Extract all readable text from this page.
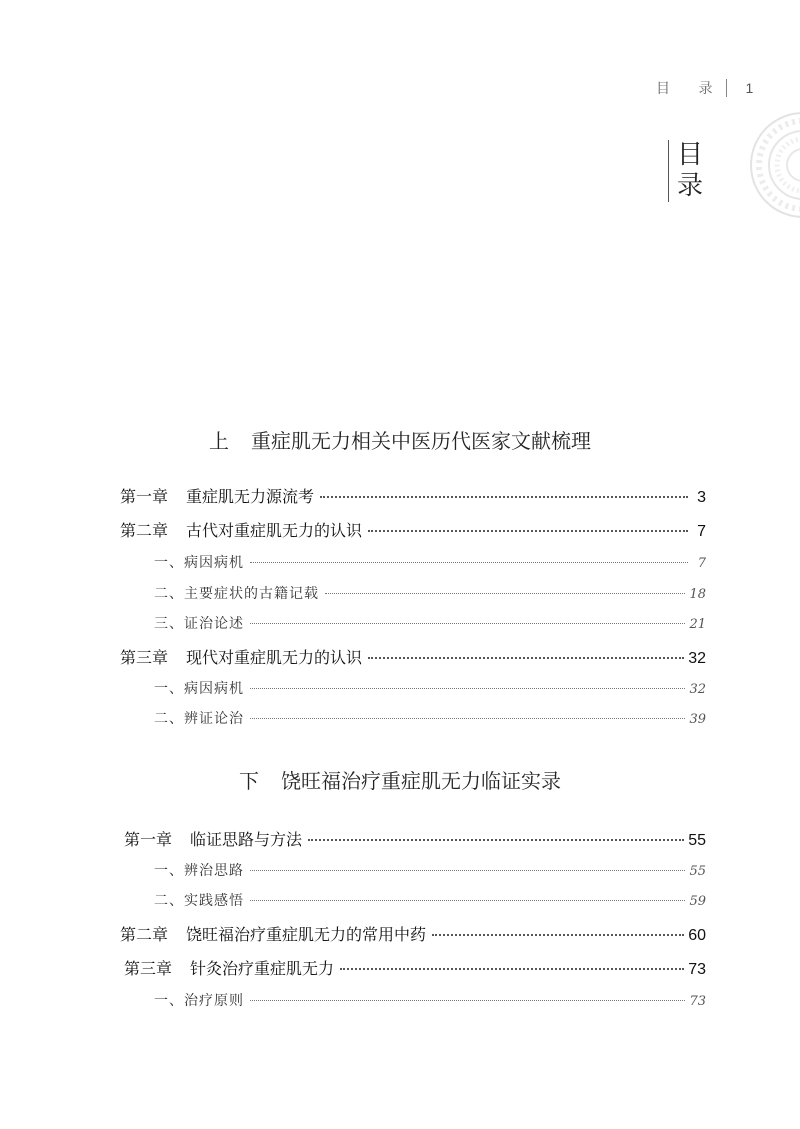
目 录 1
目
录
上 重症肌无力相关中医历代医家文献梳理
第一章 重症肌无力源流考	3
第二章 古代对重症肌无力的认识	7
一、 病因病机	7
二、 主要症状的古籍记载	18
三、 证治论述	21
第三章 现代对重症肌无力的认识	32
一、 病因病机	32
二、 辨证论治	39
下 饶旺福治疗重症肌无力临证实录
第一章 临证思路与方法	55
一、 辨治思路	55
二、 实践感悟	59
第二章 饶旺福治疗重症肌无力的常用中药	60
第三章 针灸治疗重症肌无力	73
一、 治疗原则	73
